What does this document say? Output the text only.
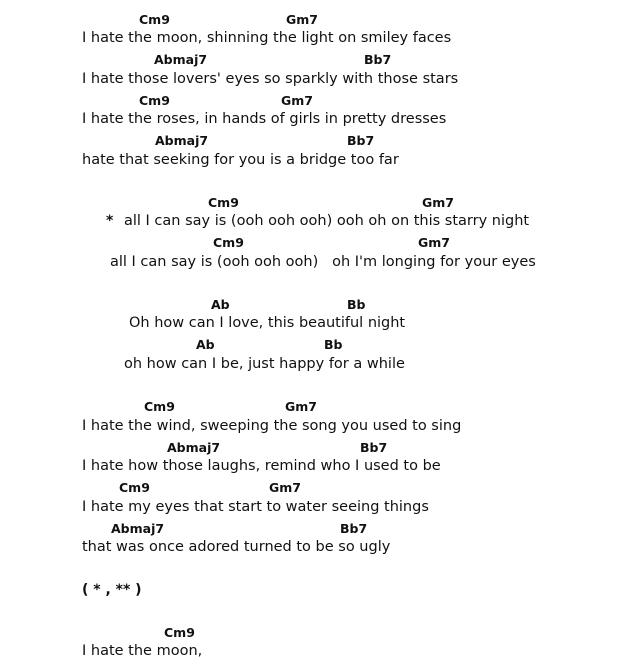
Cm9	Gm7
I hate the moon, shinning the light on smiley faces
Abmaj7	Bb7
I hate those lovers' eyes so sparkly with those stars
Cm9	Gm7
I hate the roses, in hands of girls in pretty dresses
Abmaj7	Bb7
hate that seeking for you is a bridge too far
Cm9	Gm7
* all I can say is (ooh ooh ooh) ooh oh on this starry night
Cm9	Gm7
all I can say is (ooh ooh ooh)   oh I'm longing for your eyes
Ab	Bb
Oh how can I love, this beautiful night
Ab	Bb
oh how can I be, just happy for a while
Cm9	Gm7
I hate the wind, sweeping the song you used to sing
Abmaj7	Bb7
I hate how those laughs, remind who I used to be
Cm9	Gm7
I hate my eyes that start to water seeing things
Abmaj7	Bb7
that was once adored turned to be so ugly
( * , ** )
Cm9
I hate the moon,
